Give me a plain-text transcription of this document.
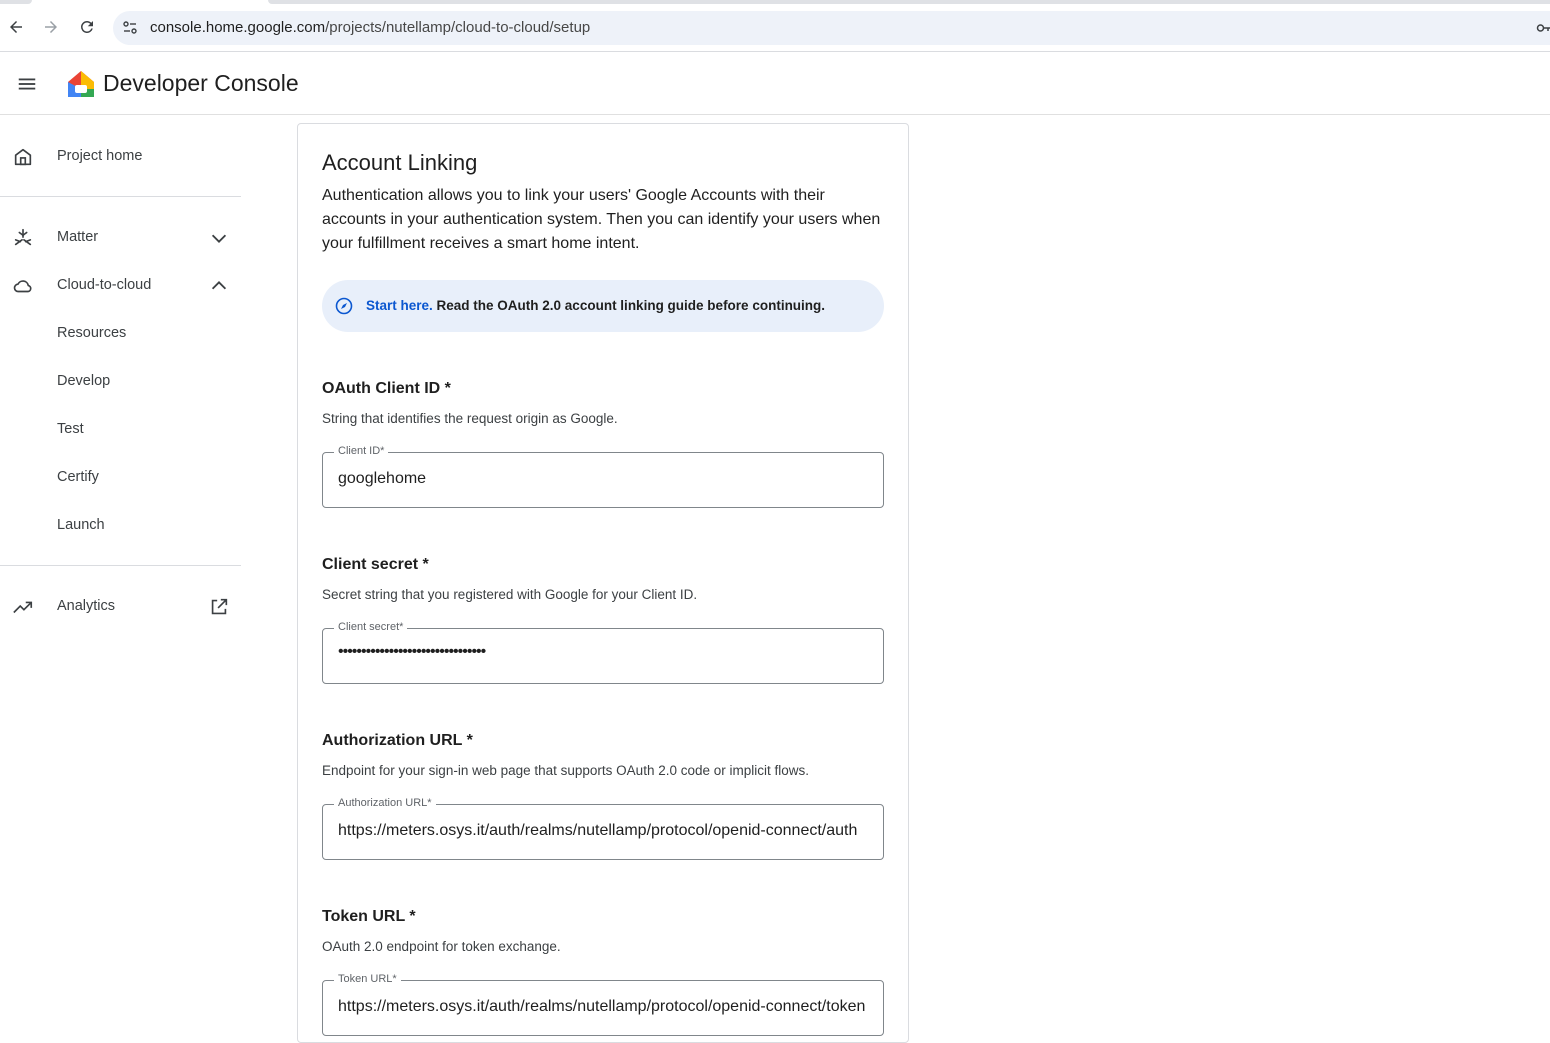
console.home.google.com/projects/nutellamp/cloud-to-cloud/setup
Developer Console
Project home
Matter
Cloud-to-cloud
Resources
Develop
Test
Certify
Launch
Analytics
Account Linking

Authentication allows you to link your users' Google Accounts with their accounts in your authentication system. Then you can identify your users when your fulfillment receives a smart home intent.

Start here. Read the OAuth 2.0 account linking guide before continuing.
OAuth Client ID *

String that identifies the request origin as Google.

Client ID*
googlehome
Client secret *

Secret string that you registered with Google for your Client ID.

Client secret*
••••••••••••••••••••••••••••••••
Authorization URL *

Endpoint for your sign-in web page that supports OAuth 2.0 code or implicit flows.

Authorization URL*
https://meters.osys.it/auth/realms/nutellamp/protocol/openid-connect/auth
Token URL *

OAuth 2.0 endpoint for token exchange.

Token URL*
https://meters.osys.it/auth/realms/nutellamp/protocol/openid-connect/token
